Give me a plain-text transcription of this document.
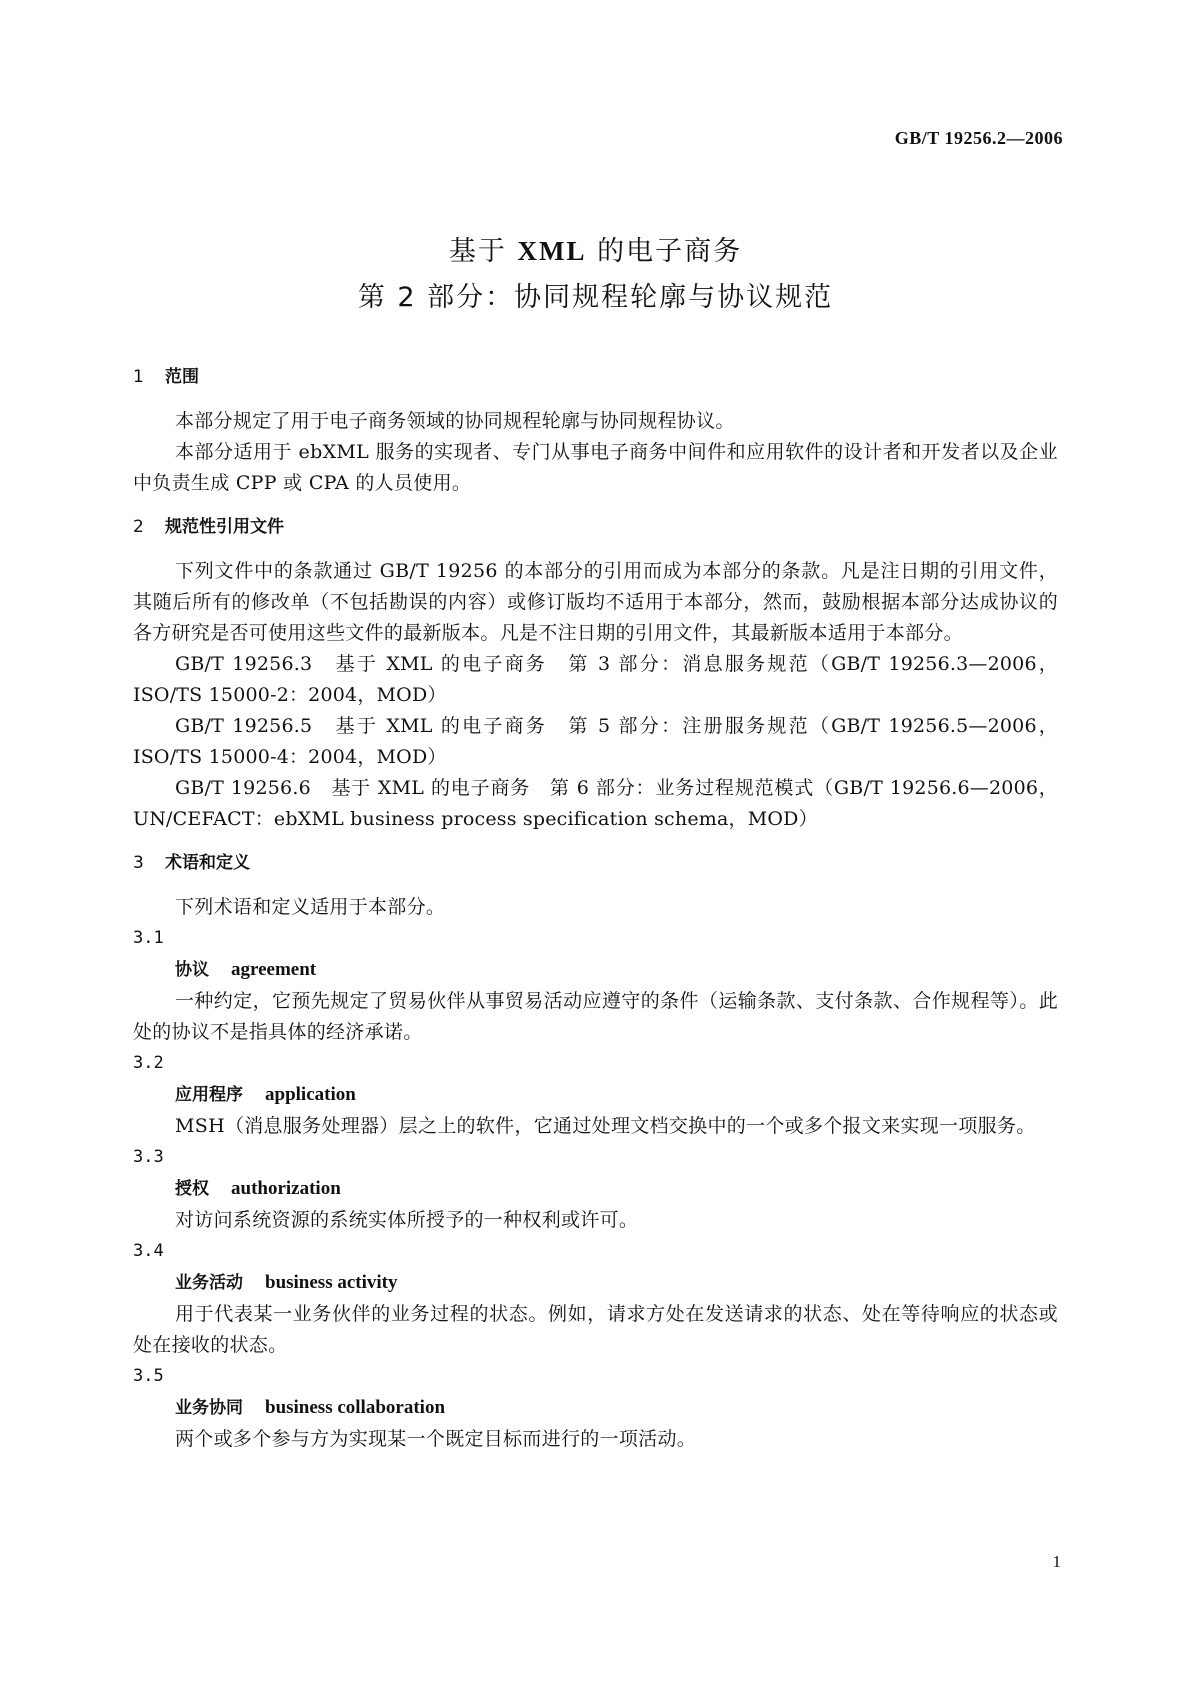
GB/T 19256.2—2006
基于 XML 的电子商务
第 2 部分：协同规程轮廓与协议规范
1 范围

本部分规定了用于电子商务领域的协同规程轮廓与协同规程协议。

本部分适用于 ebXML 服务的实现者、专门从事电子商务中间件和应用软件的设计者和开发者以及企业中负责生成 CPP 或 CPA 的人员使用。

2 规范性引用文件

下列文件中的条款通过 GB/T 19256 的本部分的引用而成为本部分的条款。凡是注日期的引用文件，其随后所有的修改单（不包括勘误的内容）或修订版均不适用于本部分，然而，鼓励根据本部分达成协议的各方研究是否可使用这些文件的最新版本。凡是不注日期的引用文件，其最新版本适用于本部分。

GB/T 19256.3　基于 XML 的电子商务　第 3 部分：消息服务规范（GB/T 19256.3—2006，ISO/TS 15000-2：2004，MOD）

GB/T 19256.5　基于 XML 的电子商务　第 5 部分：注册服务规范（GB/T 19256.5—2006，ISO/TS 15000-4：2004，MOD）

GB/T 19256.6　基于 XML 的电子商务　第 6 部分：业务过程规范模式（GB/T 19256.6—2006，UN/CEFACT：ebXML business process specification schema，MOD）

3 术语和定义

下列术语和定义适用于本部分。

3.1

协议 agreement

一种约定，它预先规定了贸易伙伴从事贸易活动应遵守的条件（运输条款、支付条款、合作规程等）。此处的协议不是指具体的经济承诺。

3.2

应用程序 application

MSH（消息服务处理器）层之上的软件，它通过处理文档交换中的一个或多个报文来实现一项服务。

3.3

授权 authorization

对访问系统资源的系统实体所授予的一种权利或许可。

3.4

业务活动 business activity

用于代表某一业务伙伴的业务过程的状态。例如，请求方处在发送请求的状态、处在等待响应的状态或处在接收的状态。

3.5

业务协同 business collaboration

两个或多个参与方为实现某一个既定目标而进行的一项活动。

1
